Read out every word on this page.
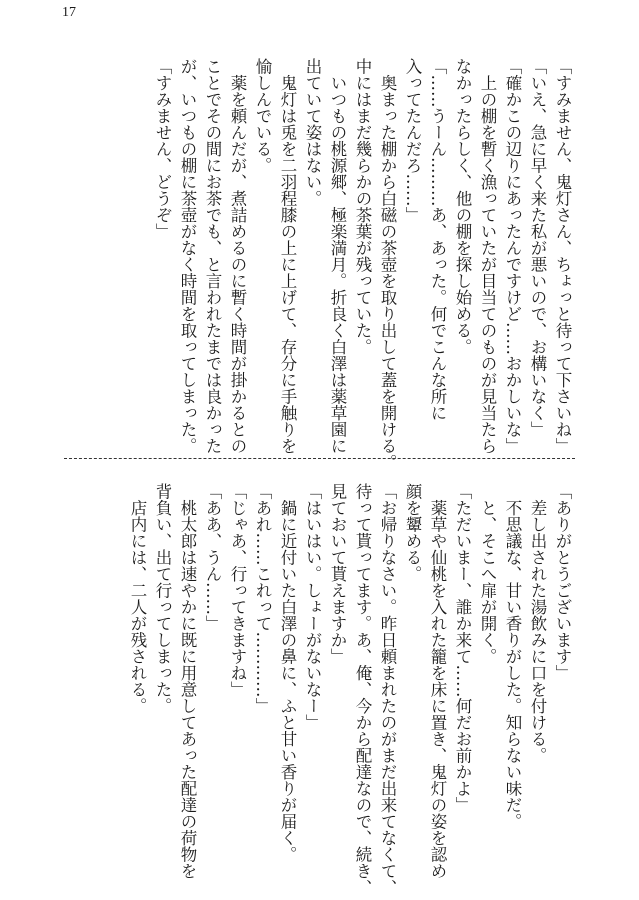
17
「すみません、鬼灯さん、ちょっと待って下さいね」
「いえ、急に早く来た私が悪いので、お構いなく」
「確かこの辺りにあったんですけど……おかしいな」
　上の棚を暫く漁っていたが目当てのものが見当たら
なかったらしく、他の棚を探し始める。
「……うーん………あ、あった。何でこんな所に
入ってたんだろ……」
　奥まった棚から白磁の茶壺を取り出して蓋を開ける。
中にはまだ幾らかの茶葉が残っていた。
　いつもの桃源郷、極楽満月。折良く白澤は薬草園に
出ていて姿はない。
　鬼灯は兎を二羽程膝の上に上げて、存分に手触りを
愉しんでいる。
　薬を頼んだが、煮詰めるのに暫く時間が掛かるとの
ことでその間にお茶でも、と言われたまでは良かった
が、いつもの棚に茶壺がなく時間を取ってしまった。
「すみません、どうぞ」
「ありがとうございます」
　差し出された湯飲みに口を付ける。
　不思議な、甘い香りがした。知らない味だ。
　と、そこへ扉が開く。
「ただいまー、誰か来て……何だお前かよ」
　薬草や仙桃を入れた籠を床に置き、鬼灯の姿を認め
顔を顰める。
「お帰りなさい。昨日頼まれたのがまだ出来てなくて、
待って貰ってます。あ、俺、今から配達なので、続き、
見ておいて貰えますか」
「はいはい。しょーがないなー」
　鍋に近付いた白澤の鼻に、ふと甘い香りが届く。
「あれ……これって…………」
「じゃあ、行ってきますね」
「ああ、うん……」
　桃太郎は速やかに既に用意してあった配達の荷物を
背負い、出て行ってしまった。
　店内には、二人が残される。
